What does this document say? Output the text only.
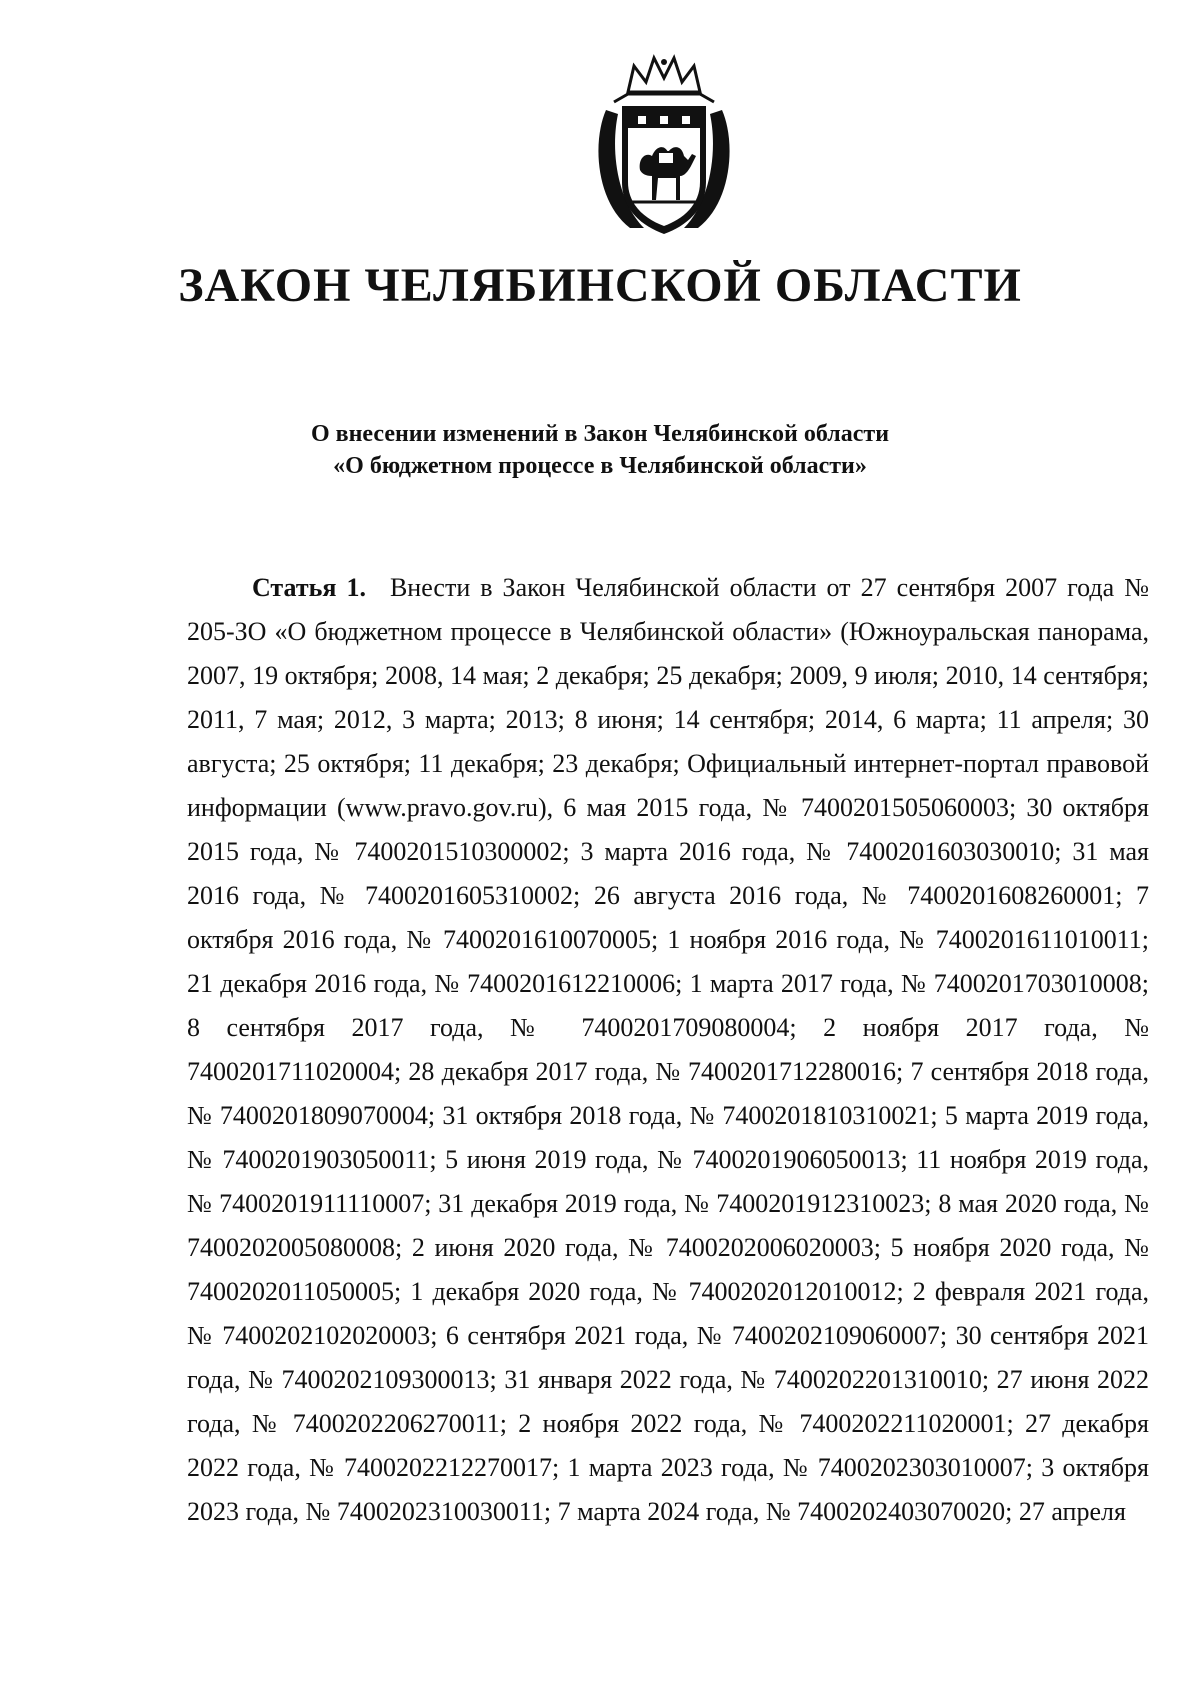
ЗАКОН ЧЕЛЯБИНСКОЙ ОБЛАСТИ
О внесении изменений в Закон Челябинской области
«О бюджетном процессе в Челябинской области»

Статья 1. Внести в Закон Челябинской области от 27 сентября 2007 года № 205-ЗО «О бюджетном процессе в Челябинской области» (Южноуральская панорама, 2007, 19 октября; 2008, 14 мая; 2 декабря; 25 декабря; 2009, 9 июля; 2010, 14 сентября; 2011, 7 мая; 2012, 3 марта; 2013; 8 июня; 14 сентября; 2014, 6 марта; 11 апреля; 30 августа; 25 октября; 11 декабря; 23 декабря; Официальный интернет-портал правовой информации (www.pravo.gov.ru), 6 мая 2015 года, № 7400201505060003; 30 октября 2015 года, № 7400201510300002; 3 марта 2016 года, № 7400201603030010; 31 мая 2016 года, № 7400201605310002; 26 августа 2016 года, № 7400201608260001; 7 октября 2016 года, № 7400201610070005; 1 ноября 2016 года, № 7400201611010011; 21 декабря 2016 года, № 7400201612210006; 1 марта 2017 года, № 7400201703010008; 8 сентября 2017 года, № 7400201709080004; 2 ноября 2017 года, № 7400201711020004; 28 декабря 2017 года, № 7400201712280016; 7 сентября 2018 года, № 7400201809070004; 31 октября 2018 года, № 7400201810310021; 5 марта 2019 года, № 7400201903050011; 5 июня 2019 года, № 7400201906050013; 11 ноября 2019 года, № 7400201911110007; 31 декабря 2019 года, № 7400201912310023; 8 мая 2020 года, № 7400202005080008; 2 июня 2020 года, № 7400202006020003; 5 ноября 2020 года, № 7400202011050005; 1 декабря 2020 года, № 7400202012010012; 2 февраля 2021 года, № 7400202102020003; 6 сентября 2021 года, № 7400202109060007; 30 сентября 2021 года, № 7400202109300013; 31 января 2022 года, № 7400202201310010; 27 июня 2022 года, № 7400202206270011; 2 ноября 2022 года, № 7400202211020001; 27 декабря 2022 года, № 7400202212270017; 1 марта 2023 года, № 7400202303010007; 3 октября 2023 года, № 7400202310030011; 7 марта 2024 года, № 7400202403070020; 27 апреля
